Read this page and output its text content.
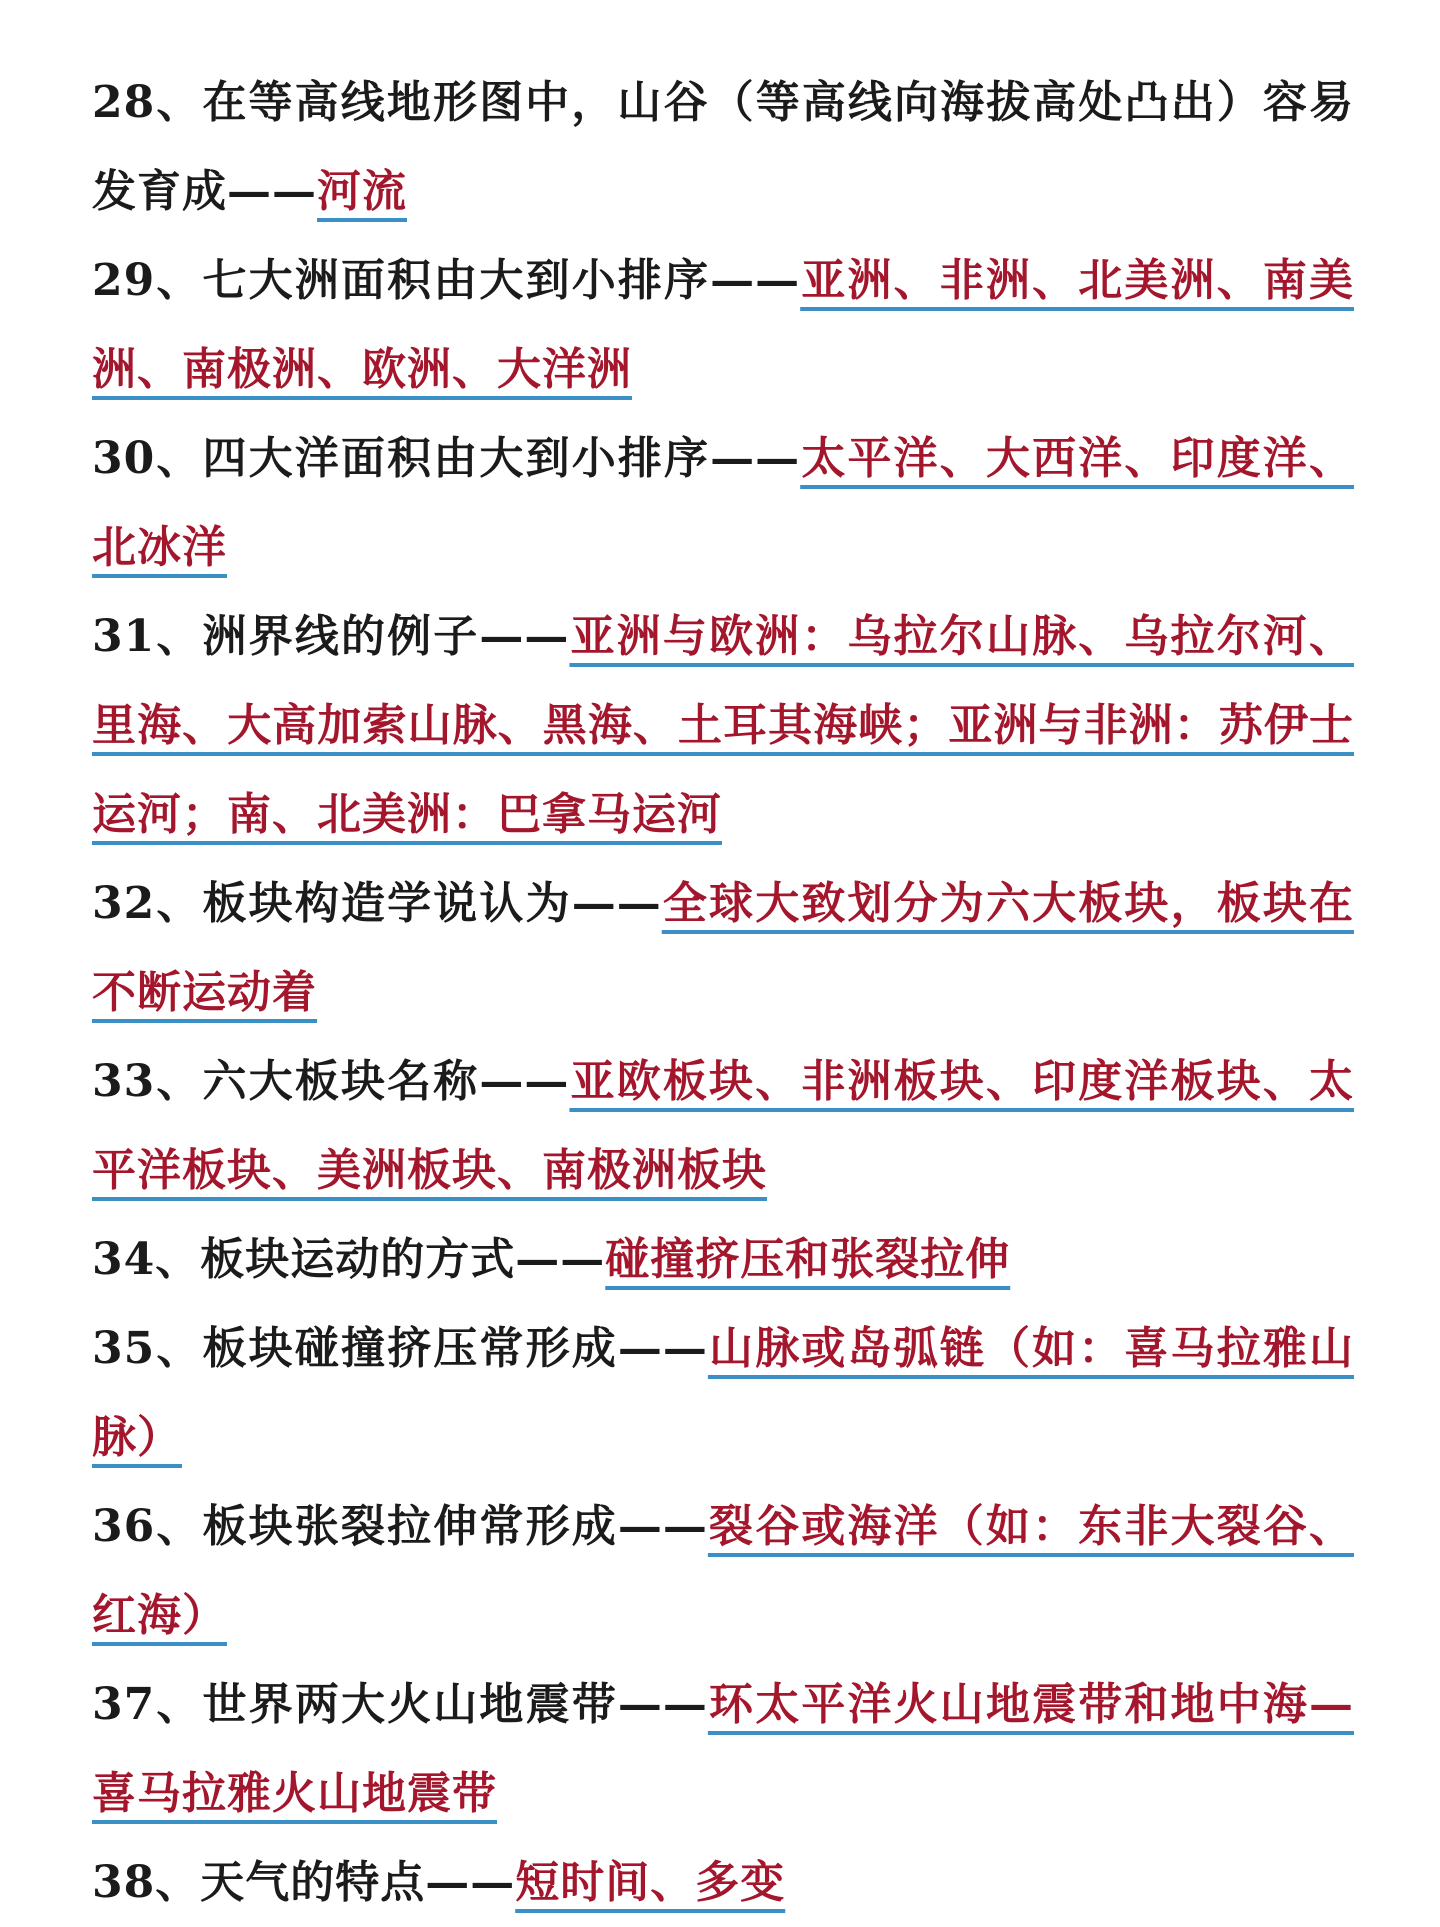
28、在等高线地形图中，山谷（等高线向海拔高处凸出）容易发育成——河流

29、七大洲面积由大到小排序——亚洲、非洲、北美洲、南美洲、南极洲、欧洲、大洋洲

30、四大洋面积由大到小排序——太平洋、大西洋、印度洋、北冰洋

31、洲界线的例子——亚洲与欧洲：乌拉尔山脉、乌拉尔河、里海、大高加索山脉、黑海、土耳其海峡；亚洲与非洲：苏伊士运河；南、北美洲：巴拿马运河

32、板块构造学说认为——全球大致划分为六大板块，板块在不断运动着

33、六大板块名称——亚欧板块、非洲板块、印度洋板块、太平洋板块、美洲板块、南极洲板块

34、板块运动的方式——碰撞挤压和张裂拉伸

35、板块碰撞挤压常形成——山脉或岛弧链（如：喜马拉雅山脉）

36、板块张裂拉伸常形成——裂谷或海洋（如：东非大裂谷、红海）

37、世界两大火山地震带——环太平洋火山地震带和地中海—喜马拉雅火山地震带

38、天气的特点——短时间、多变
